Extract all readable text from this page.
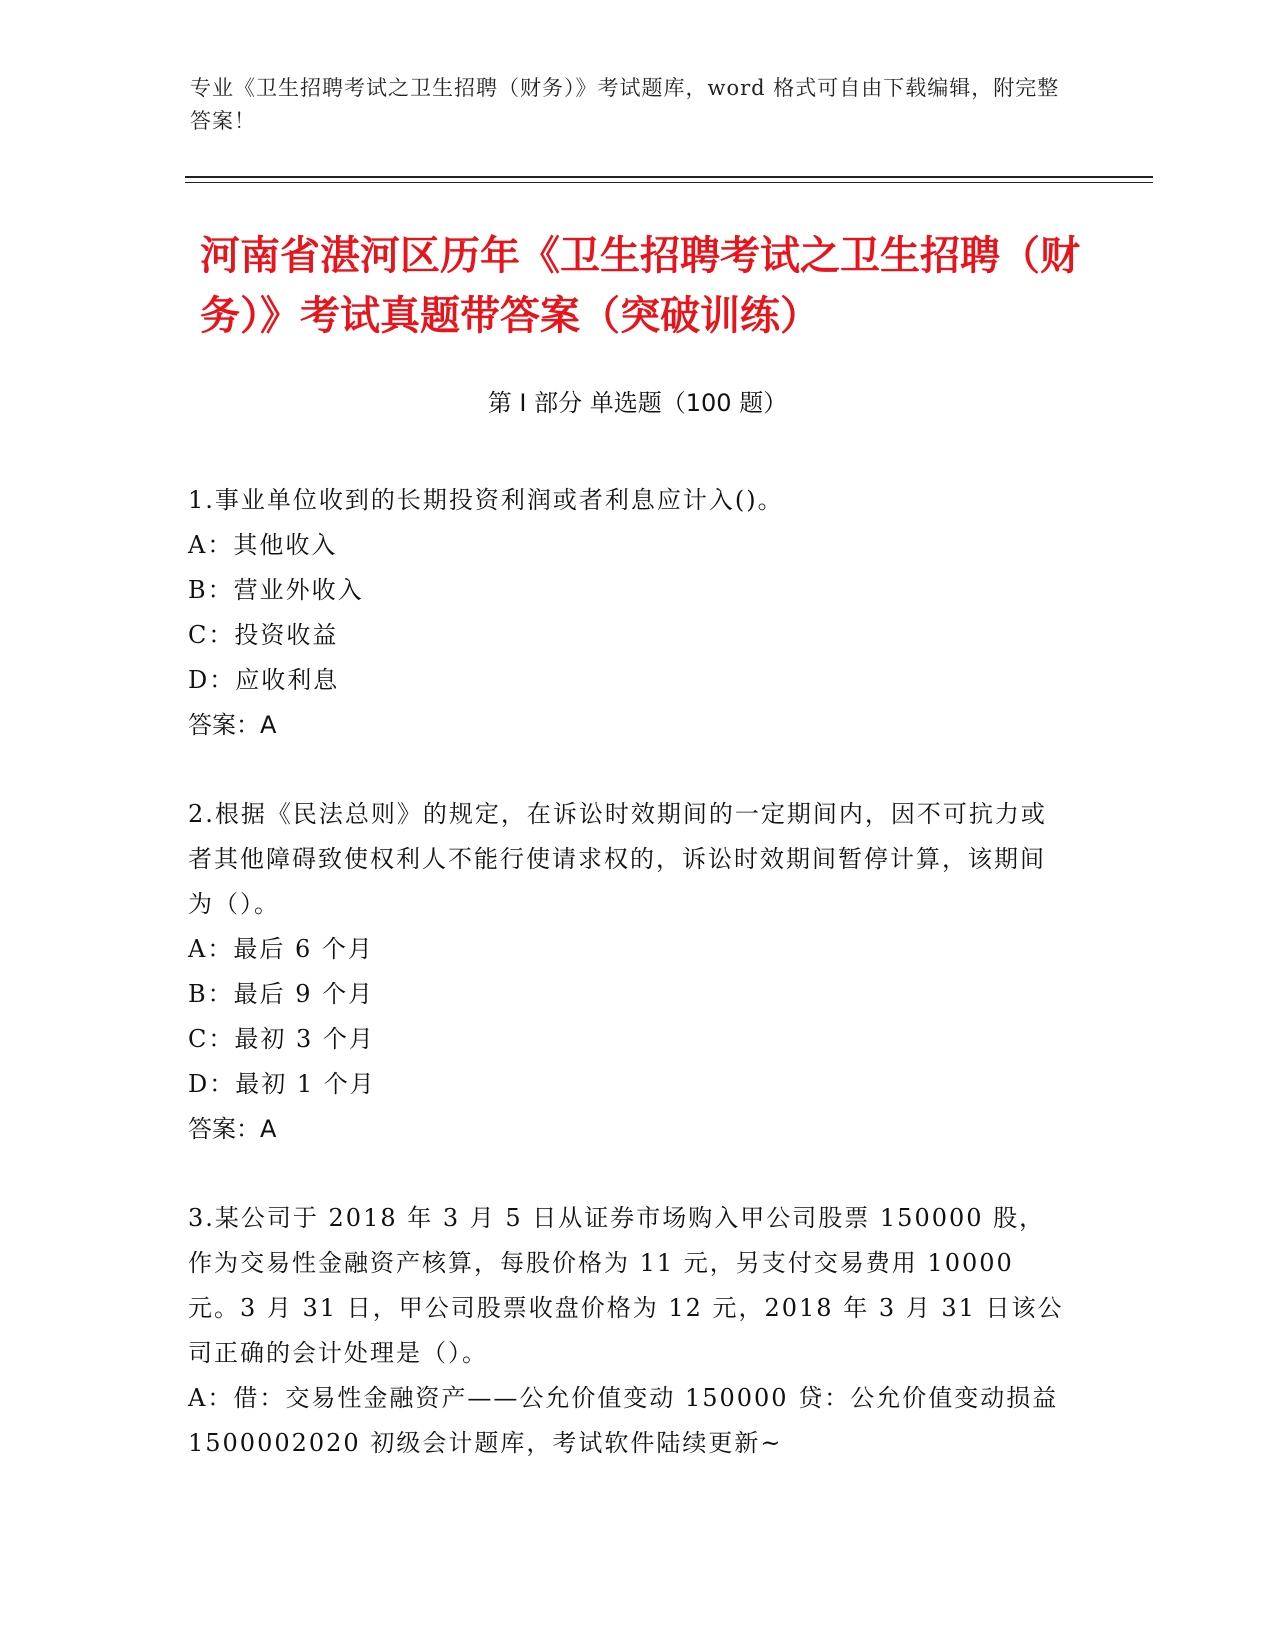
专业《卫生招聘考试之卫生招聘（财务）》考试题库，word 格式可自由下载编辑，附完整答案！
河南省湛河区历年《卫生招聘考试之卫生招聘（财务）》考试真题带答案（突破训练）
第 I 部分 单选题（100 题）
1.事业单位收到的长期投资利润或者利息应计入()。
A：其他收入
B：营业外收入
C：投资收益
D：应收利息
答案：A
2.根据《民法总则》的规定，在诉讼时效期间的一定期间内，因不可抗力或者其他障碍致使权利人不能行使请求权的，诉讼时效期间暂停计算，该期间为（）。
A：最后 6 个月
B：最后 9 个月
C：最初 3 个月
D：最初 1 个月
答案：A
3.某公司于 2018 年 3 月 5 日从证券市场购入甲公司股票 150000 股，作为交易性金融资产核算，每股价格为 11 元，另支付交易费用 10000 元。3 月 31 日，甲公司股票收盘价格为 12 元，2018 年 3 月 31 日该公司正确的会计处理是（）。
A：借：交易性金融资产——公允价值变动 150000 贷：公允价值变动损益 1500002020 初级会计题库，考试软件陆续更新~
